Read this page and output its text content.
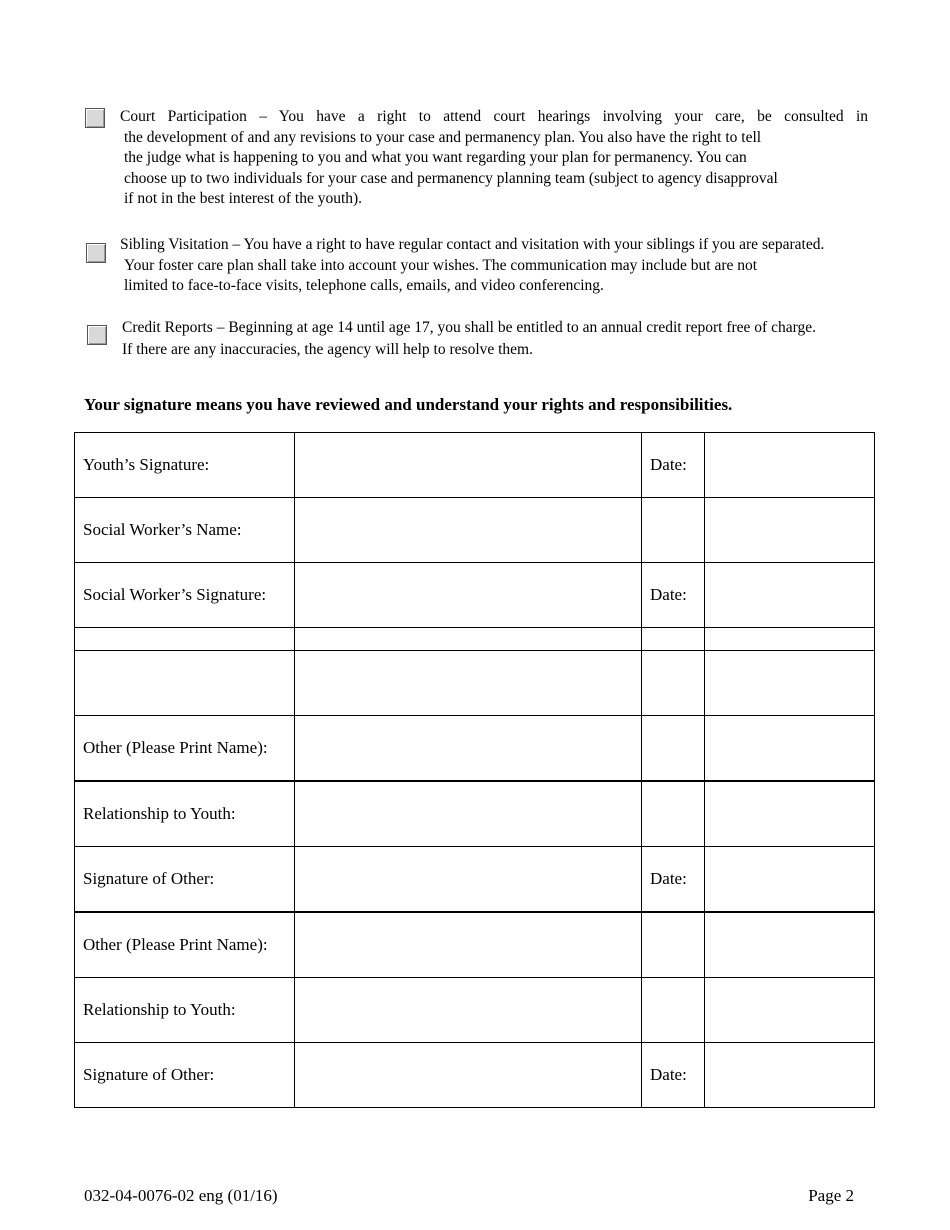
Court Participation – You have a right to attend court hearings involving your care, be consulted in
the development of and any revisions to your case and permanency plan. You also have the right to tell
the judge what is happening to you and what you want regarding your plan for permanency. You can
choose up to two individuals for your case and permanency planning team (subject to agency disapproval
if not in the best interest of the youth).
Sibling Visitation – You have a right to have regular contact and visitation with your siblings if you are separated.
Your foster care plan shall take into account your wishes. The communication may include but are not
limited to face-to-face visits, telephone calls, emails, and video conferencing.
Credit Reports – Beginning at age 14 until age 17, you shall be entitled to an annual credit report free of charge.
If there are any inaccuracies, the agency will help to resolve them.
Your signature means you have reviewed and understand your rights and responsibilities.
Youth’s Signature:		Date:	
Social Worker’s Name:			
Social Worker’s Signature:		Date:	

Other (Please Print Name):			
Relationship to Youth:			
Signature of Other:		Date:	
Other (Please Print Name):			
Relationship to Youth:			
Signature of Other:		Date:	
032-04-0076-02 eng (01/16)	Page 2
